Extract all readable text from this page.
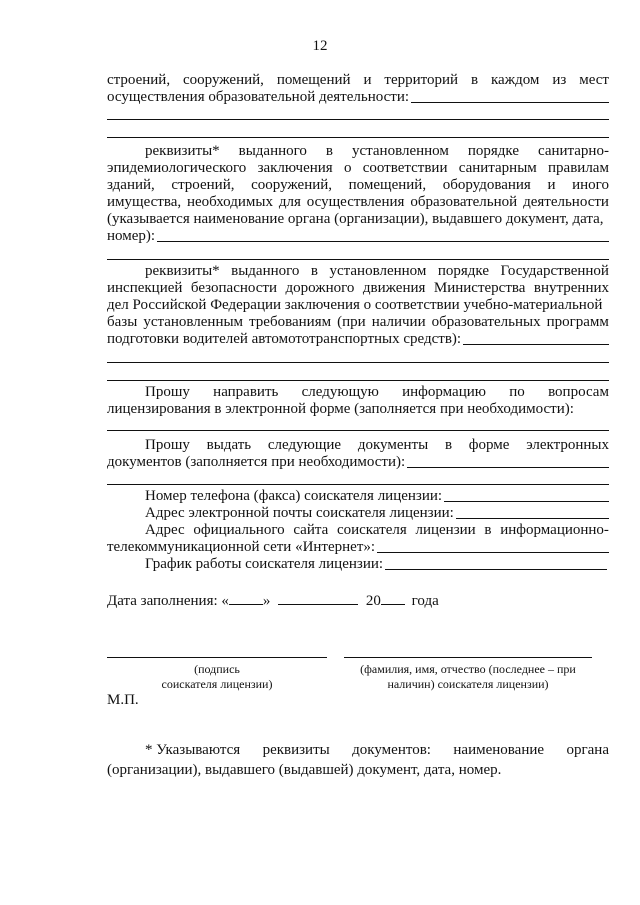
12
строений, сооружений, помещений и территорий в каждом из мест
осуществления образовательной деятельности:
реквизиты* выданного в установленном порядке санитарно-
эпидемиологического заключения о соответствии санитарным правилам
зданий, строений, сооружений, помещений, оборудования и иного
имущества, необходимых для осуществления образовательной деятельности
(указывается наименование органа (организации), выдавшего документ, дата,
номер):
реквизиты* выданного в установленном порядке Государственной
инспекцией безопасности дорожного движения Министерства внутренних
дел Российской Федерации заключения о соответствии учебно-материальной
базы установленным требованиям (при наличии образовательных программ
подготовки водителей автомототранспортных средств):
Прошу направить следующую информацию по вопросам
лицензирования в электронной форме (заполняется при необходимости):
Прошу выдать следующие документы в форме электронных
документов (заполняется при необходимости):
Номер телефона (факса) соискателя лицензии:
Адрес электронной почты соискателя лицензии:
Адрес официального сайта соискателя лицензии в информационно-
телекоммуникационной сети «Интернет»:
График работы соискателя лицензии:
Дата заполнения: « »	20 года
(подпись
соискателя лицензии)
(фамилия, имя, отчество (последнее – при
наличин) соискателя лицензии)
М.П.
* Указываются реквизиты документов: наименование органа
(организации), выдавшего (выдавшей) документ, дата, номер.
